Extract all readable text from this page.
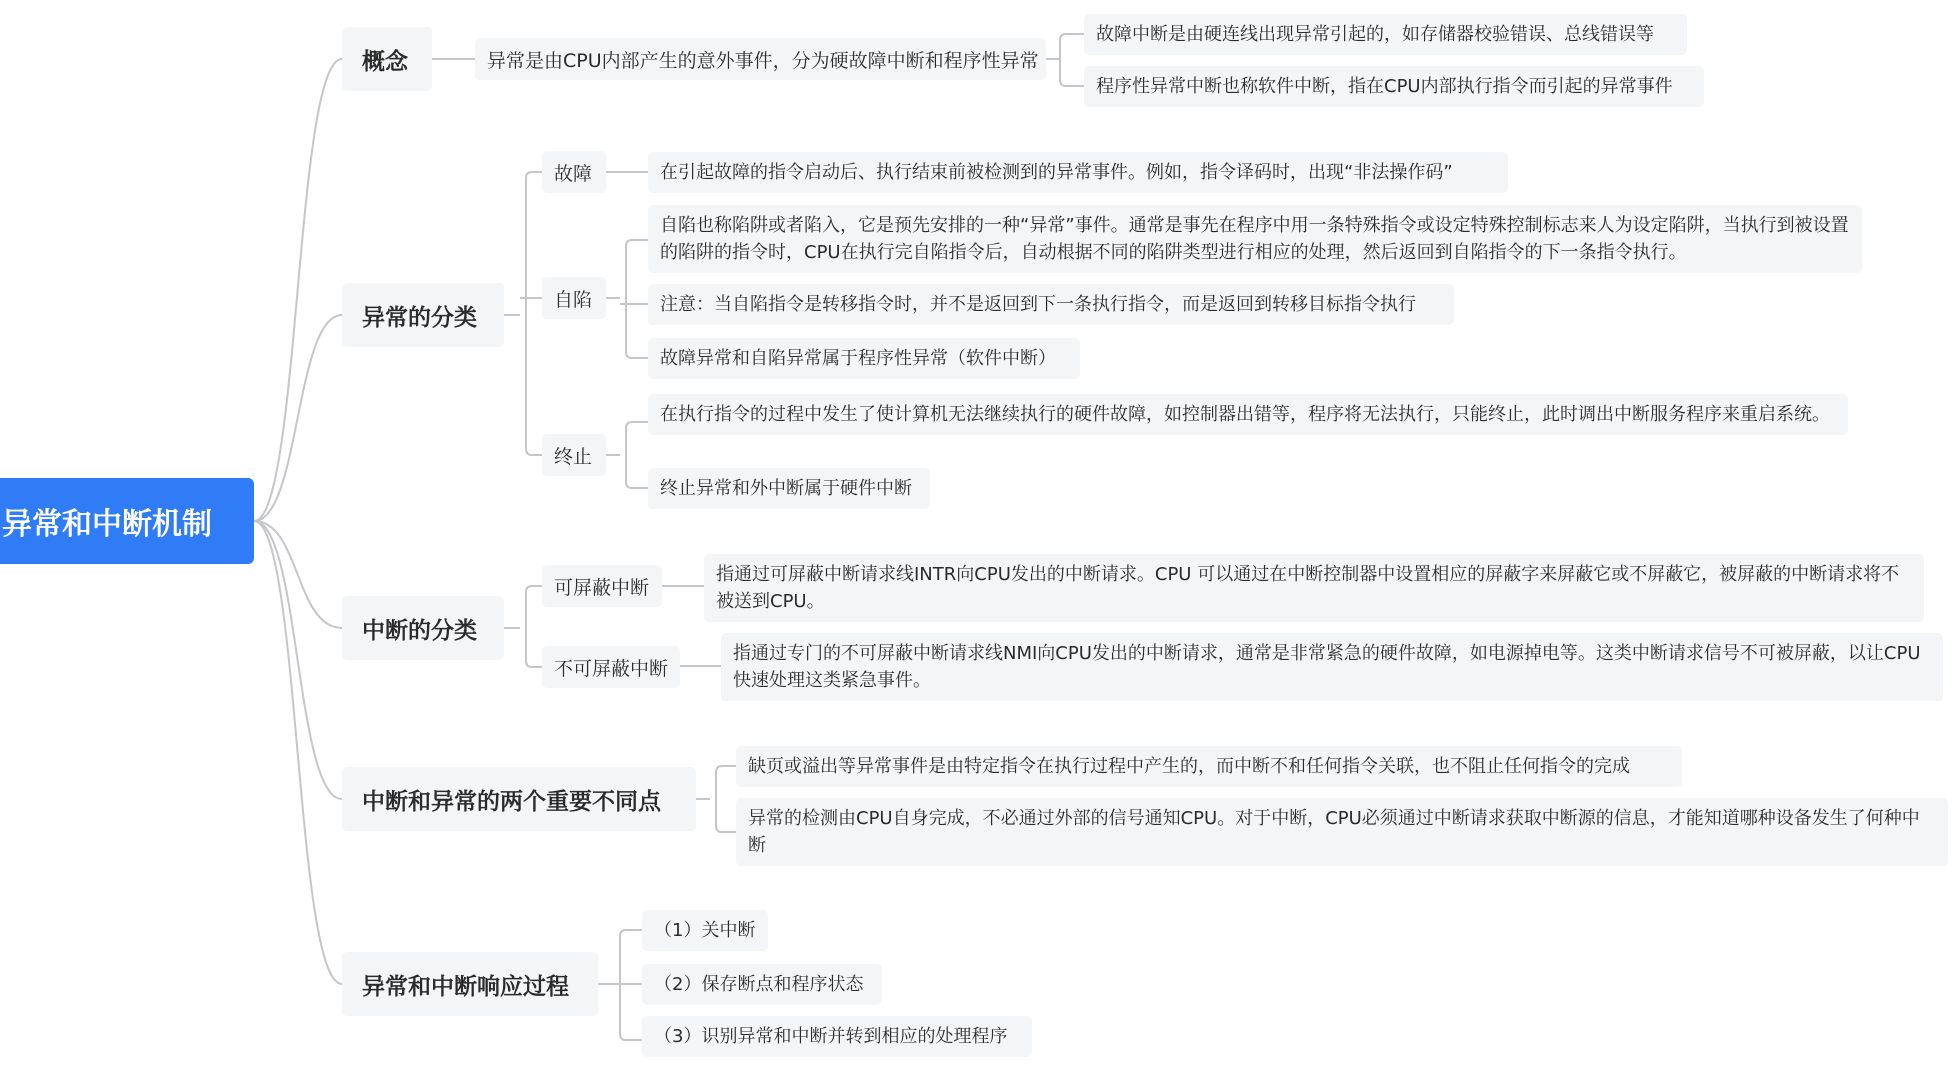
异常和中断机制
概念	异常是由CPU内部产生的意外事件，分为硬故障中断和程序性异常
故障中断是由硬连线出现异常引起的，如存储器校验错误、总线错误等
程序性异常中断也称软件中断，指在CPU内部执行指令而引起的异常事件
异常的分类
故障
自陷
终止
在引起故障的指令启动后、执行结束前被检测到的异常事件。例如，指令译码时，出现“非法操作码”
自陷也称陷阱或者陷入，它是预先安排的一种“异常”事件。通常是事先在程序中用一条特殊指令或设定特殊控制标志来人为设定陷阱，当执行到被设置的陷阱的指令时，CPU在执行完自陷指令后，自动根据不同的陷阱类型进行相应的处理，然后返回到自陷指令的下一条指令执行。
注意：当自陷指令是转移指令时，并不是返回到下一条执行指令，而是返回到转移目标指令执行
故障异常和自陷异常属于程序性异常（软件中断）
在执行指令的过程中发生了使计算机无法继续执行的硬件故障，如控制器出错等，程序将无法执行，只能终止，此时调出中断服务程序来重启系统。
终止异常和外中断属于硬件中断
中断的分类
可屏蔽中断
不可屏蔽中断
指通过可屏蔽中断请求线INTR向CPU发出的中断请求。CPU 可以通过在中断控制器中设置相应的屏蔽字来屏蔽它或不屏蔽它，被屏蔽的中断请求将不被送到CPU。
指通过专门的不可屏蔽中断请求线NMI向CPU发出的中断请求，通常是非常紧急的硬件故障，如电源掉电等。这类中断请求信号不可被屏蔽，以让CPU快速处理这类紧急事件。
中断和异常的两个重要不同点
缺页或溢出等异常事件是由特定指令在执行过程中产生的，而中断不和任何指令关联，也不阻止任何指令的完成
异常的检测由CPU自身完成，不必通过外部的信号通知CPU。对于中断，CPU必须通过中断请求获取中断源的信息，才能知道哪种设备发生了何种中断
异常和中断响应过程
（1）关中断
（2）保存断点和程序状态
（3）识别异常和中断并转到相应的处理程序
